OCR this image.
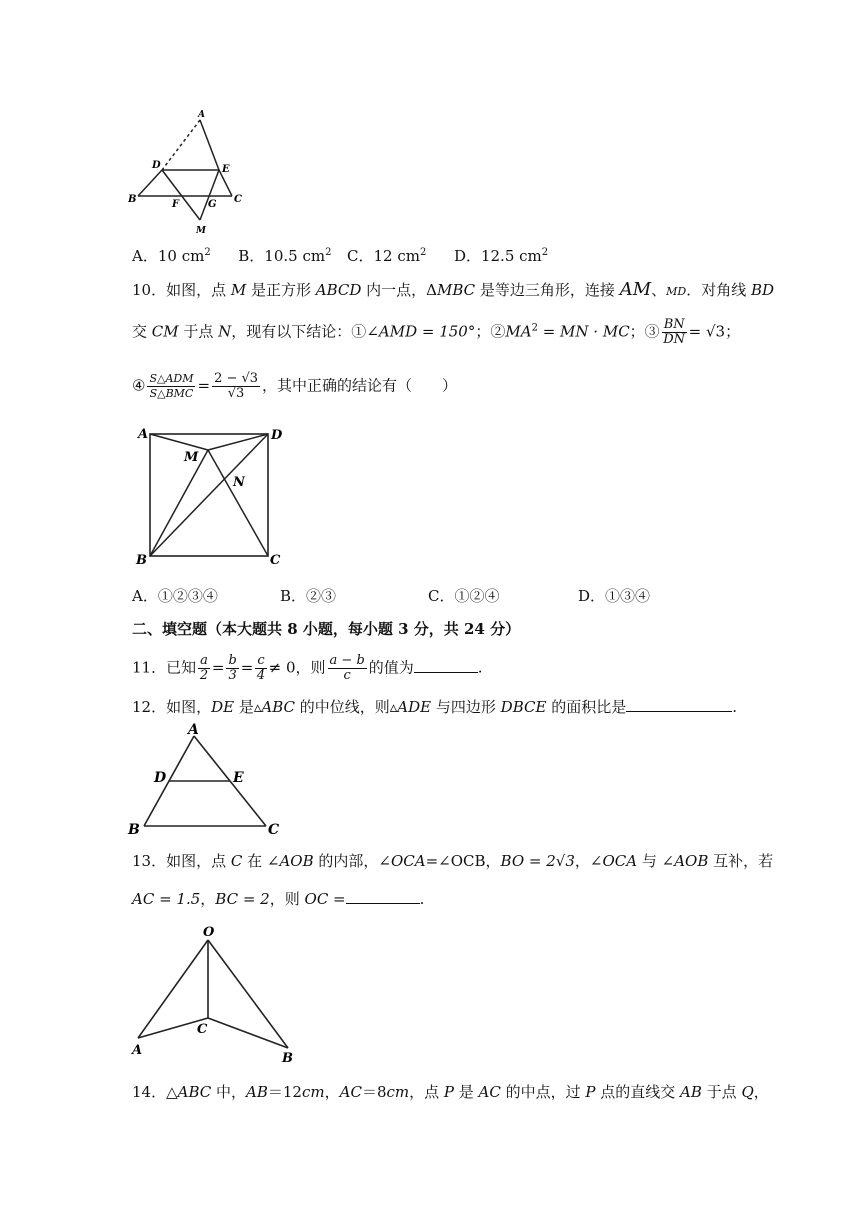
A
D	E
B	F	G C
M
A．10 $cm^2$ B．10.5 $cm^2$ C．12 $cm^2$ D．12.5 $cm^2$
10．如图，点 M 是正方形 ABCD 内一点，ΔMBC 是等边三角形，连接 AM、MD．对角线 BD
交 CM 于点 N，现有以下结论：①∠AMD = 150°；$②MA^2$ = MN · MC；③ $\frac{BN}{DN} = √3$；
④ $\frac{\text{S△ADM}}{\text{S△BMC}} = \frac{2 - √3}{√3}$ ，其中正确的结论有（　　）
A	D
M
N
B	C
A．①②③④	B．②③	C．①②④	D．①③④
二、填空题（本大题共 8 小题，每小题 3 分，共 24 分）
11．已知 $\frac{a}{2} = \frac{b}{3} = \frac{c}{4} \ne 0$，则 $\frac{a - b}{c}$ 的值为	.
12．如图，DE 是▵ABC 的中位线，则▵ADE 与四边形 DBCE 的面积比是	.
A
D	E
B	C
13．如图，点 C 在 ∠AOB 的内部，∠OCA=∠OCB，BO = 2√3，∠OCA 与 ∠AOB 互补，若
AC = 1.5，BC = 2，则 OC =	.
O
C
A
B
14．△ABC 中，AB＝12cm，AC＝8cm，点 P 是 AC 的中点，过 P 点的直线交 AB 于点 Q，
